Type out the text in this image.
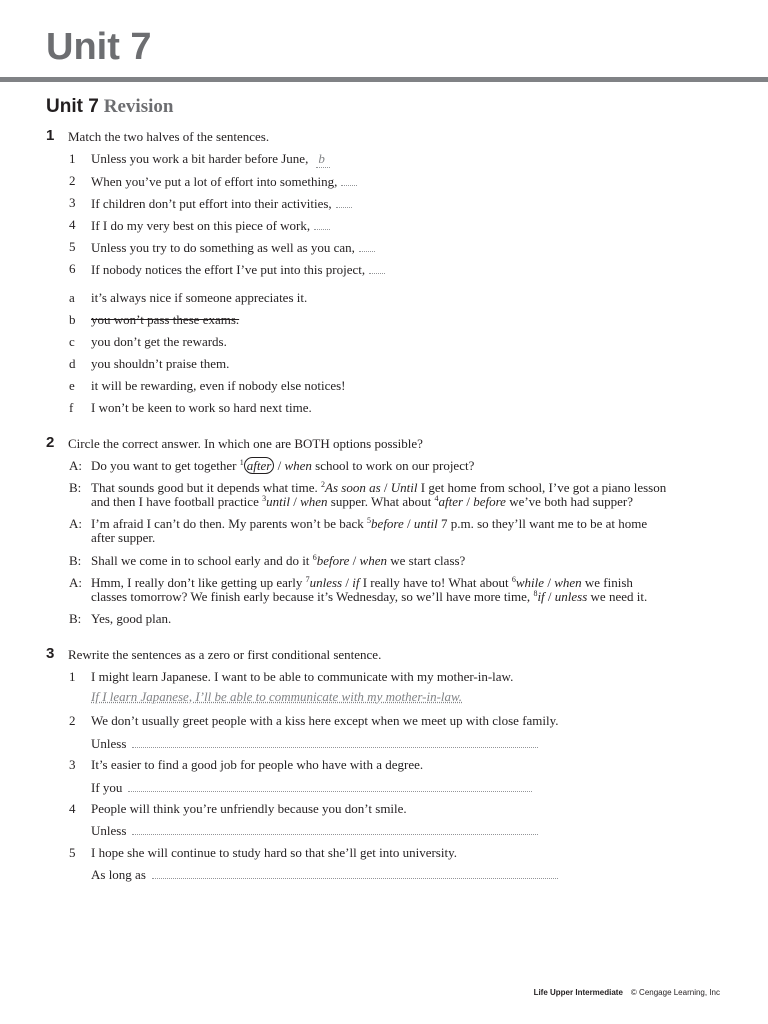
Unit 7
Unit 7 Revision
1 Match the two halves of the sentences.
1 Unless you work a bit harder before June, b
2 When you’ve put a lot of effort into something,
3 If children don’t put effort into their activities,
4 If I do my very best on this piece of work,
5 Unless you try to do something as well as you can,
6 If nobody notices the effort I’ve put into this project,
a it’s always nice if someone appreciates it.
b you won’t pass these exams.
c you don’t get the rewards.
d you shouldn’t praise them.
e it will be rewarding, even if nobody else notices!
f I won’t be keen to work so hard next time.
2 Circle the correct answer. In which one are BOTH options possible?
A: Do you want to get together $^1$ after / when school to work on our project?
B: That sounds good but it depends what time. $^2$As soon as / Until I get home from school, I’ve got a piano lesson
and then I have football practice $^3$until / when supper. What about $^4$after / before we’ve both had supper?
A: I’m afraid I can’t do then. My parents won’t be back $^5$before / until 7 p.m. so they’ll want me to be at home
after supper.
B: Shall we come in to school early and do it $^6$before / when we start class?
A: Hmm, I really don’t like getting up early $^7$unless / if I really have to! What about $^6$while / when we finish
classes tomorrow? We finish early because it’s Wednesday, so we’ll have more time, $^8$if / unless we need it.
B: Yes, good plan.
3 Rewrite the sentences as a zero or first conditional sentence.
1 I might learn Japanese. I want to be able to communicate with my mother-in-law.
If I learn Japanese, I’ll be able to communicate with my mother-in-law.
2 We don’t usually greet people with a kiss here except when we meet up with close family.
Unless
3 It’s easier to find a good job for people who have with a degree.
If you
4 People will think you’re unfriendly because you don’t smile.
Unless
5 I hope she will continue to study hard so that she’ll get into university.
As long as
Life Upper Intermediate © Cengage Learning, Inc
